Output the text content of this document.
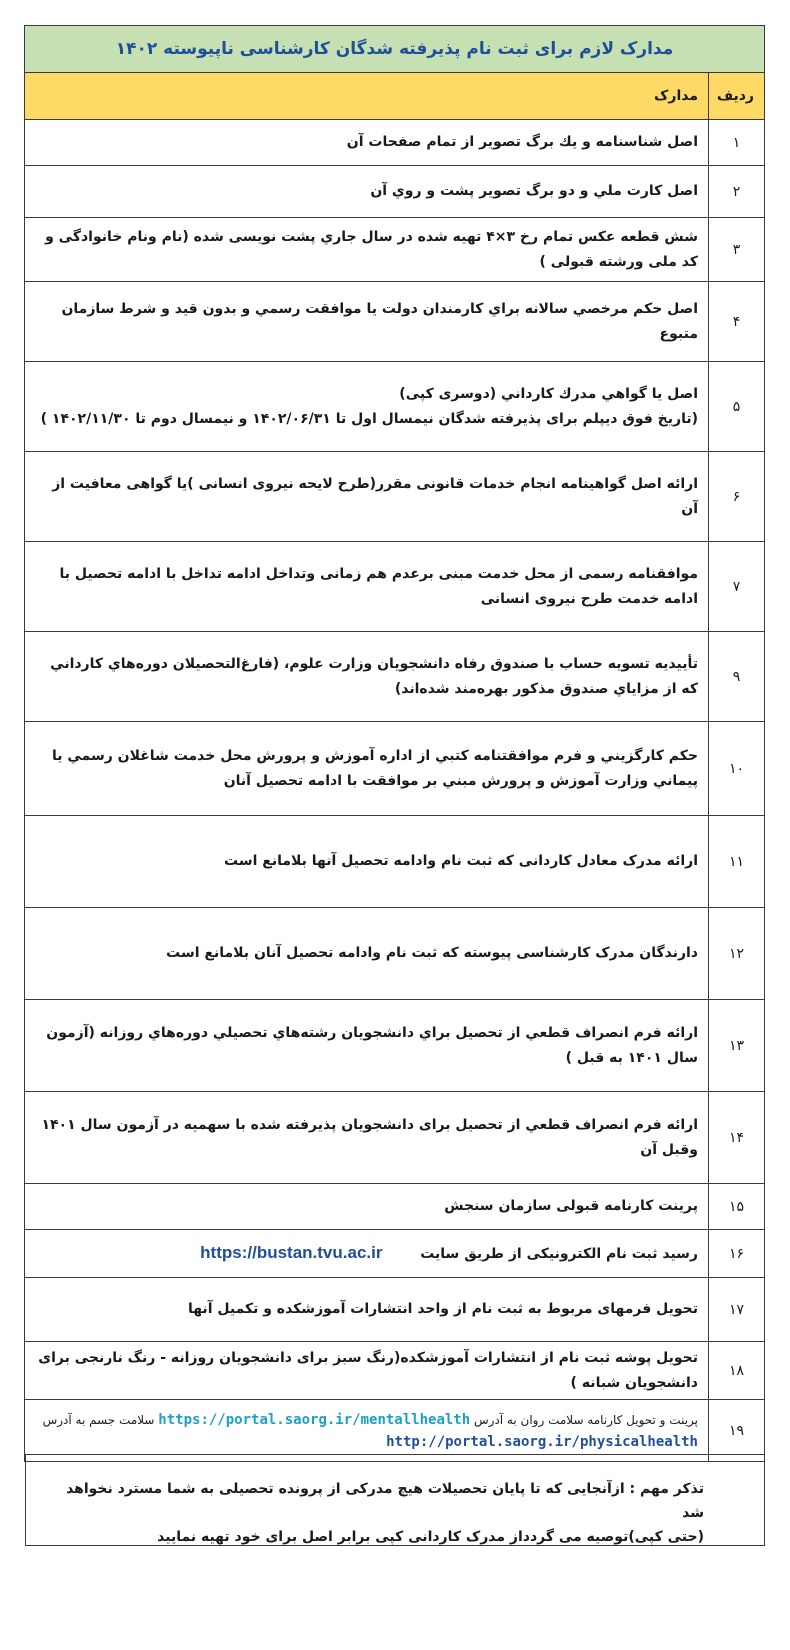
مدارک لازم برای ثبت نام پذیرفته شدگان کارشناسی ناپیوسته ۱۴۰۲	
رديف	مدارک
۱	اصل شناسنامه و يك برگ تصوير از تمام صفحات آن
۲	اصل كارت ملي و دو برگ تصوير پشت و روي آن
۳	شش قطعه عكس تمام رخ ۳×۴ تهيه شده در سال جاري پشت نويسی شده (نام ونام خانوادگی و کد ملی ورشته قبولی )
۴	اصل حكم مرخصي سالانه براي كارمندان دولت يا موافقت رسمي و بدون قيد و شرط سازمان متبوع
۵	اصل يا گواهي مدرك كارداني (دوسری کپی)
(تاريخ فوق ديپلم برای پذيرفته شدگان نيمسال اول تا ۱۴۰۲/۰۶/۳۱ و نيمسال دوم تا ۱۴۰۲/۱۱/۳۰ )

۶	ارائه اصل گواهينامه انجام خدمات قانونی مقرر(طرح لايحه نيروی انسانی )يا گواهی معافيت از آن
۷	موافقنامه رسمی از محل خدمت مبنی برعدم هم زمانی وتداخل ادامه تداخل با ادامه تحصيل با ادامه خدمت طرح نيروی انسانی
۹	تأييديه تسويه حساب با صندوق رفاه دانشجويان وزارت علوم، (فارغ‌التحصيلان دوره‌هاي كارداني كه از مزاياي صندوق مذكور بهره‌مند شده‌اند)
۱۰	حكم كارگزيني و فرم موافقتنامه كتبي از اداره آموزش و پرورش محل خدمت شاغلان رسمي يا پيماني وزارت آموزش و پرورش مبني بر موافقت با ادامه تحصيل آنان
۱۱	ارائه مدرک معادل کاردانی که ثبت نام وادامه تحصيل آنها بلامانع است
۱۲	دارندگان مدرک کارشناسی پيوسته که ثبت نام وادامه تحصيل آنان بلامانع است
۱۳	ارائه فرم انصراف قطعي از تحصيل براي دانشجويان رشته‌هاي تحصيلي دوره‌هاي روزانه (آزمون سال ۱۴۰۱ به قبل )
۱۴	ارائه فرم انصراف قطعي از تحصيل برای دانشجويان پذيرفته شده با سهميه در آزمون سال ۱۴۰۱ وقبل آن
۱۵	پرينت کارنامه قبولی سازمان سنجش
۱۶	رسيد ثبت نام الکترونيکی از طريق سايت  https://bustan.tvu.ac.ir
۱۷	تحويل فرمهای مربوط به ثبت نام از واحد انتشارات آموزشکده و تکميل آنها
۱۸	تحويل پوشه ثبت نام از انتشارات آموزشکده(رنگ سبز برای دانشجويان روزانه - رنگ نارنجی برای دانشجويان شبانه )
۱۹	پرينت و تحويل کارنامه سلامت روان به آدرس https://portal.saorg.ir/mentallhealth سلامت جسم به آدرس http://portal.saorg.ir/physicalhealth
تذکر مهم : ازآنجايی که تا پايان تحصيلات هيچ مدرکی از پرونده تحصيلی به شما مسترد نخواهد شد
(حتی کپی)توصيه می گردداز مدرک کاردانی کپی برابر اصل برای خود تهيه نماييد
